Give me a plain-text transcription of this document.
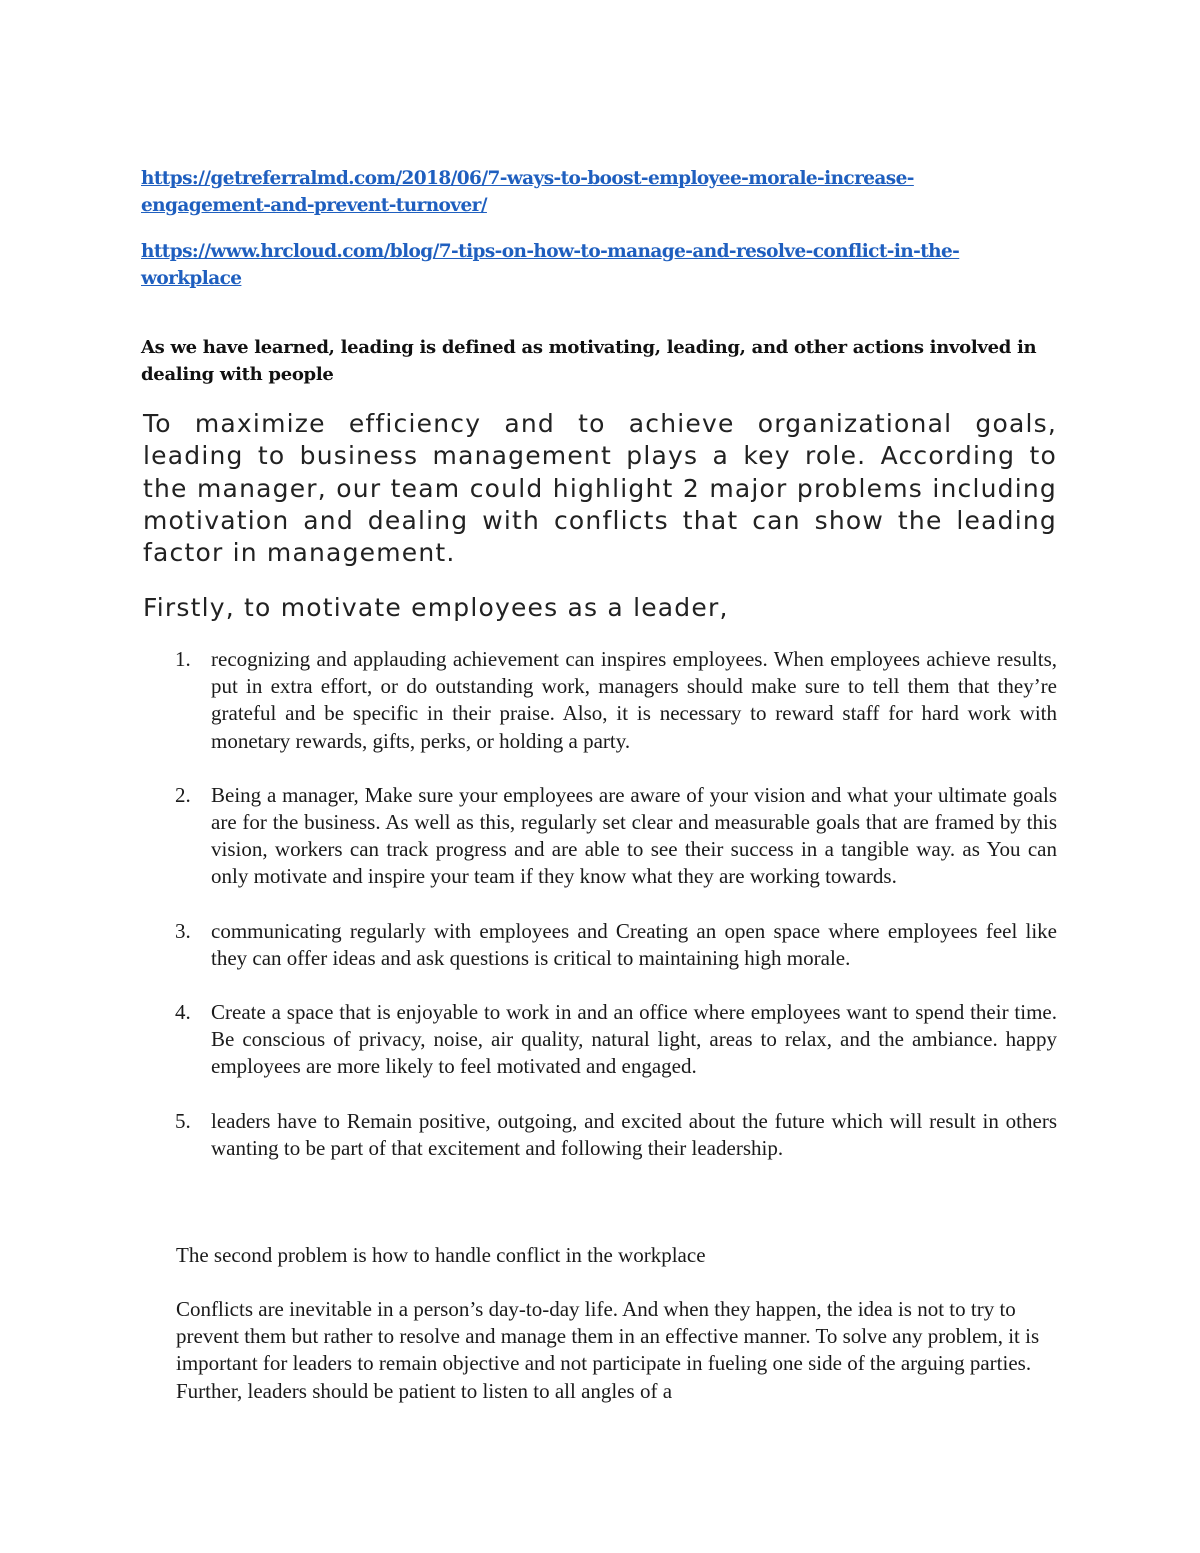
https://getreferralmd.com/2018/06/7-ways-to-boost-employee-morale-increase-engagement-and-prevent-turnover/
https://www.hrcloud.com/blog/7-tips-on-how-to-manage-and-resolve-conflict-in-the-workplace
As we have learned, leading is defined as motivating, leading, and other actions involved in dealing with people
To maximize efficiency and to achieve organizational goals, leading to business management plays a key role. According to the manager, our team could highlight 2 major problems including motivation and dealing with conflicts that can show the leading factor in management.
Firstly, to motivate employees as a leader,
1. recognizing and applauding achievement can inspires employees. When employees achieve results, put in extra effort, or do outstanding work, managers should make sure to tell them that they’re grateful and be specific in their praise. Also, it is necessary to reward staff for hard work with monetary rewards, gifts, perks, or holding a party.
2. Being a manager, Make sure your employees are aware of your vision and what your ultimate goals are for the business. As well as this, regularly set clear and measurable goals that are framed by this vision, workers can track progress and are able to see their success in a tangible way. as You can only motivate and inspire your team if they know what they are working towards.
3. communicating regularly with employees and Creating an open space where employees feel like they can offer ideas and ask questions is critical to maintaining high morale.
4. Create a space that is enjoyable to work in and an office where employees want to spend their time. Be conscious of privacy, noise, air quality, natural light, areas to relax, and the ambiance. happy employees are more likely to feel motivated and engaged.
5. leaders have to Remain positive, outgoing, and excited about the future which will result in others wanting to be part of that excitement and following their leadership.
The second problem is how to handle conflict in the workplace
Conflicts are inevitable in a person’s day-to-day life. And when they happen, the idea is not to try to prevent them but rather to resolve and manage them in an effective manner. To solve any problem, it is important for leaders to remain objective and not participate in fueling one side of the arguing parties. Further, leaders should be patient to listen to all angles of a
